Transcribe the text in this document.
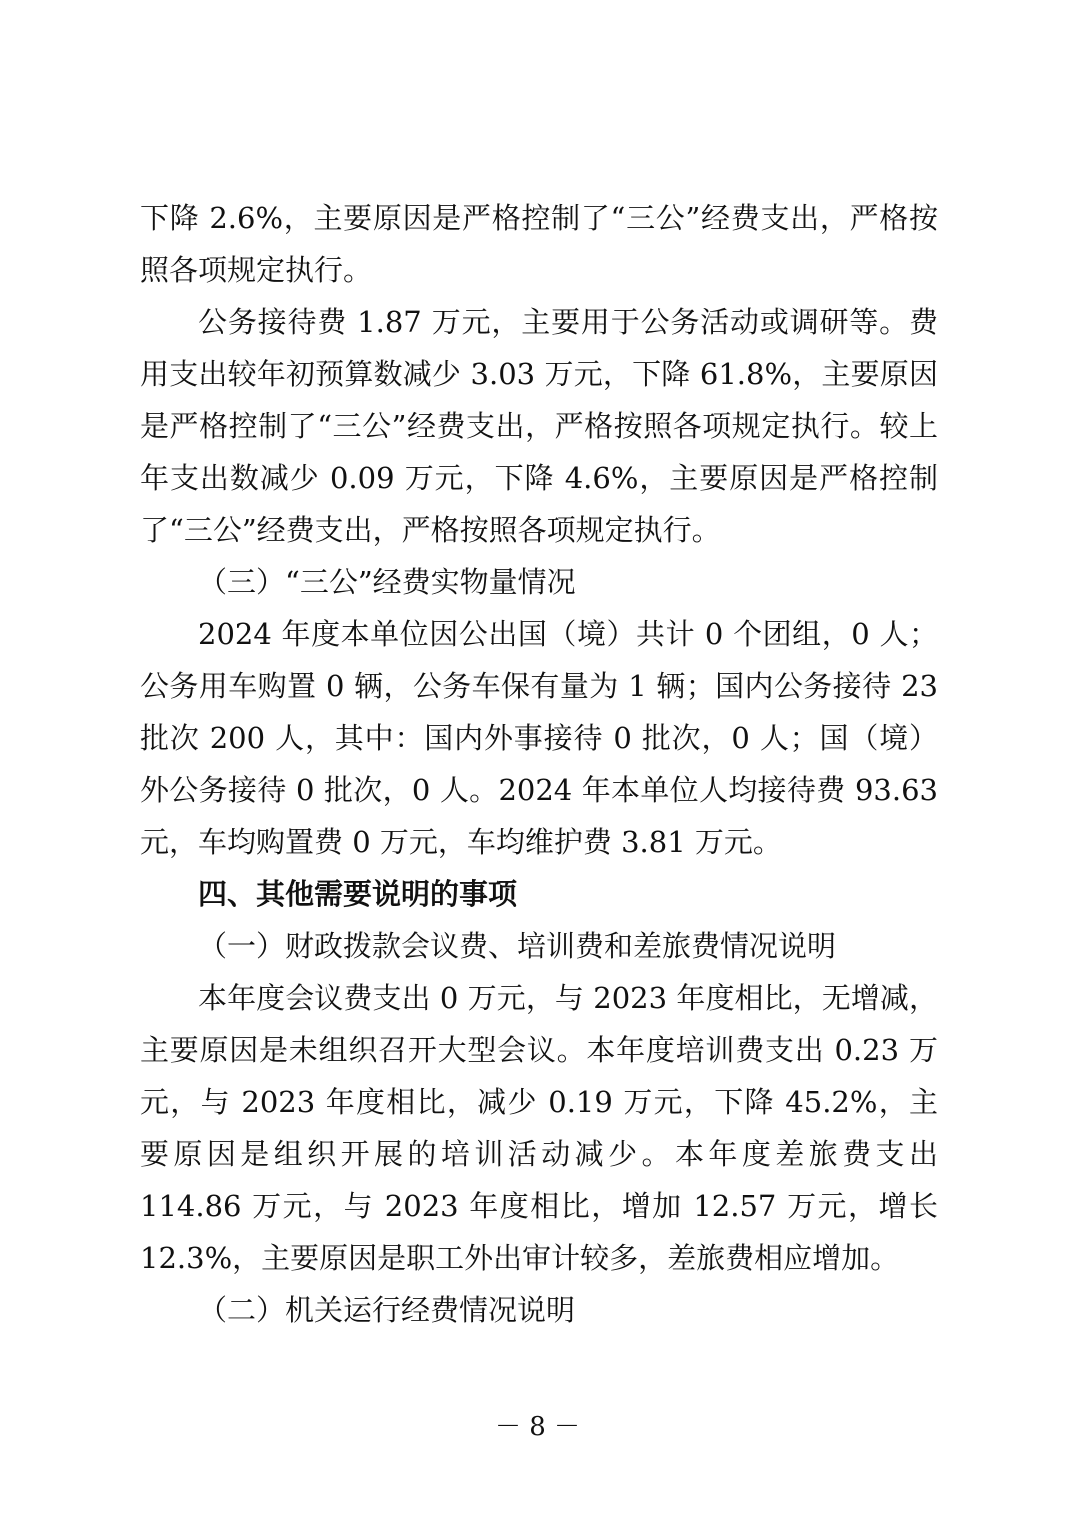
下降 2.6%，主要原因是严格控制了“三公”经费支出，严格按照各项规定执行。

公务接待费 1.87 万元，主要用于公务活动或调研等。费用支出较年初预算数减少 3.03 万元，下降 61.8%，主要原因是严格控制了“三公”经费支出，严格按照各项规定执行。较上年支出数减少 0.09 万元，下降 4.6%，主要原因是严格控制了“三公”经费支出，严格按照各项规定执行。

（三）“三公”经费实物量情况

2024 年度本单位因公出国（境）共计 0 个团组，0 人；公务用车购置 0 辆，公务车保有量为 1 辆；国内公务接待 23 批次 200 人，其中：国内外事接待 0 批次，0 人；国（境）外公务接待 0 批次，0 人。2024 年本单位人均接待费 93.63 元，车均购置费 0 万元，车均维护费 3.81 万元。

四、其他需要说明的事项

（一）财政拨款会议费、培训费和差旅费情况说明

本年度会议费支出 0 万元，与 2023 年度相比，无增减，主要原因是未组织召开大型会议。本年度培训费支出 0.23 万元，与 2023 年度相比，减少 0.19 万元，下降 45.2%，主要原因是组织开展的培训活动减少。本年度差旅费支出 114.86 万元，与 2023 年度相比，增加 12.57 万元，增长 12.3%，主要原因是职工外出审计较多，差旅费相应增加。

（二）机关运行经费情况说明

－ 8 －
